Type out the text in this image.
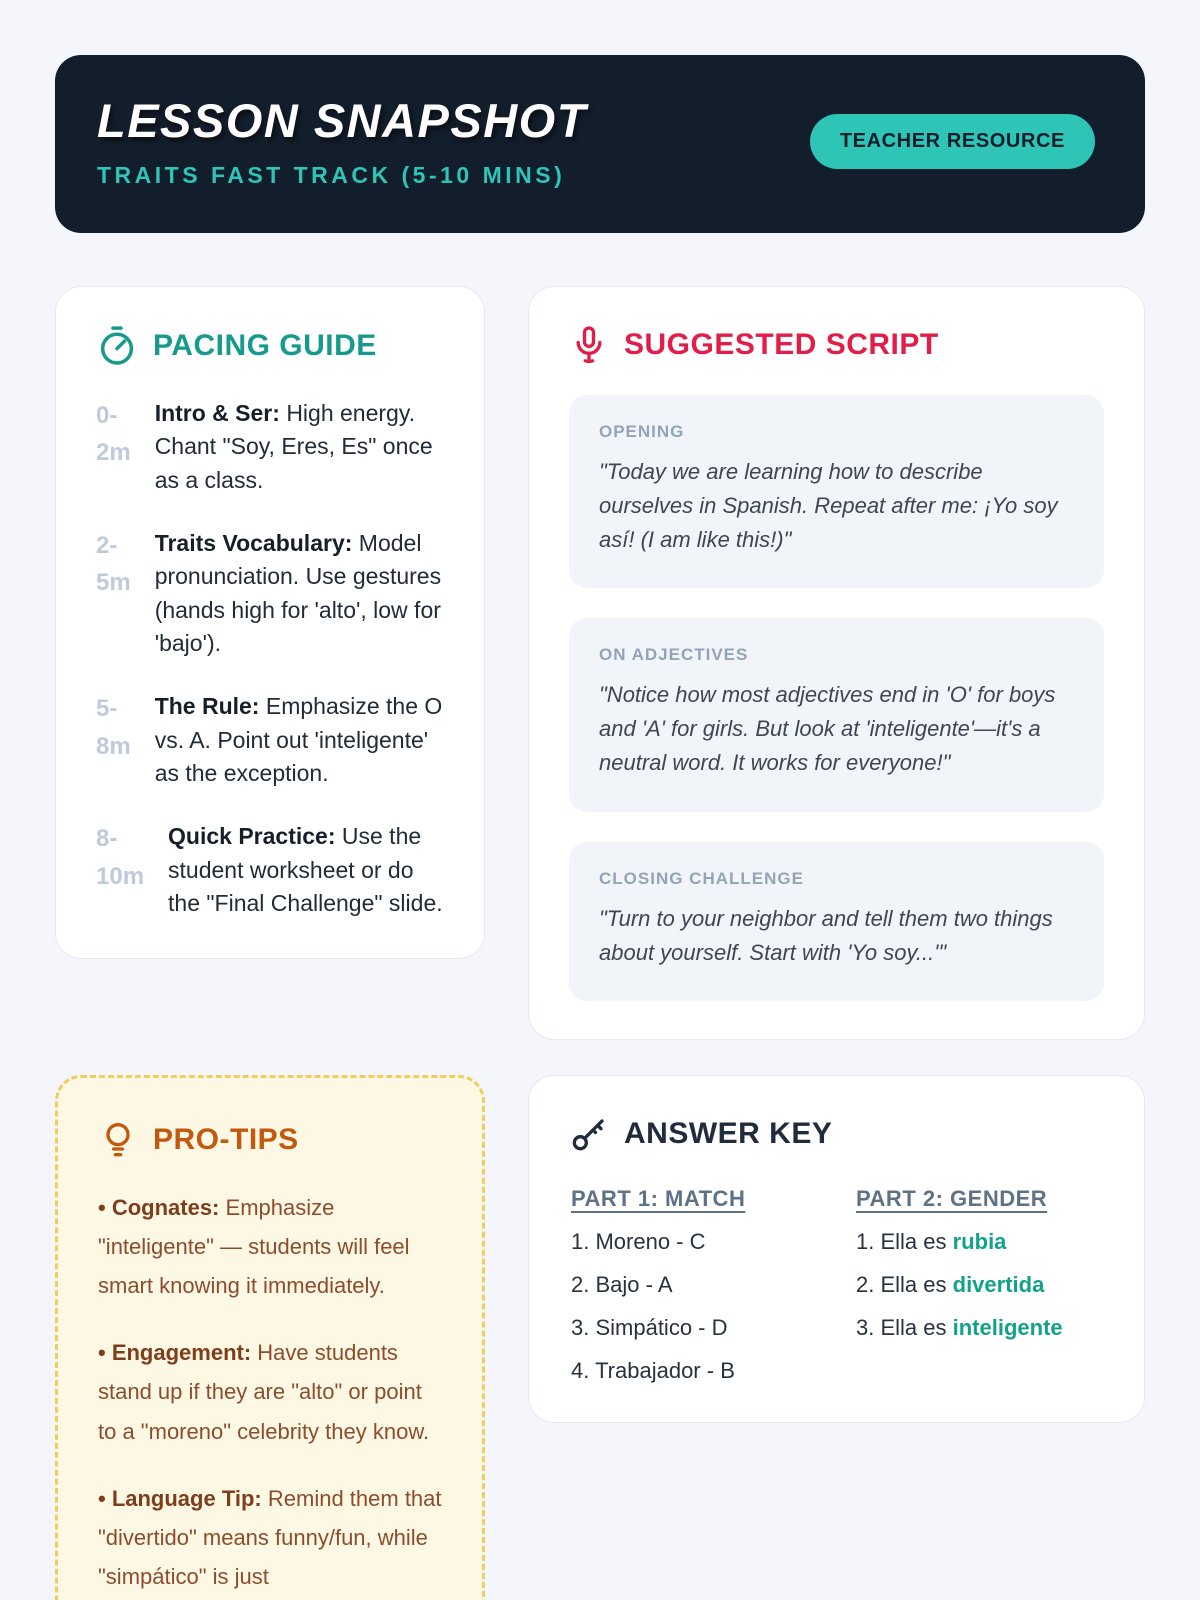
LESSON SNAPSHOT
TRAITS FAST TRACK (5-10 MINS)
TEACHER RESOURCE
PACING GUIDE
0-2m
Intro & Ser: High energy. Chant "Soy, Eres, Es" once as a class.
2-5m
Traits Vocabulary: Model pronunciation. Use gestures (hands high for 'alto', low for 'bajo').
5-8m
The Rule: Emphasize the O vs. A. Point out 'inteligente' as the exception.
8-10m
Quick Practice: Use the student worksheet or do the "Final Challenge" slide.
SUGGESTED SCRIPT
OPENING
"Today we are learning how to describe ourselves in Spanish. Repeat after me: ¡Yo soy así! (I am like this!)"
ON ADJECTIVES
"Notice how most adjectives end in 'O' for boys and 'A' for girls. But look at 'inteligente'—it's a neutral word. It works for everyone!"
CLOSING CHALLENGE
"Turn to your neighbor and tell them two things about yourself. Start with 'Yo soy...'"
PRO-TIPS
• Cognates: Emphasize "inteligente" — students will feel smart knowing it immediately.
• Engagement: Have students stand up if they are "alto" or point to a "moreno" celebrity they know.
• Language Tip: Remind them that "divertido" means funny/fun, while "simpático" is just
ANSWER KEY
PART 1: MATCH
1. Moreno - C
2. Bajo - A
3. Simpático - D
4. Trabajador - B
PART 2: GENDER
1. Ella es rubia
2. Ella es divertida
3. Ella es inteligente
